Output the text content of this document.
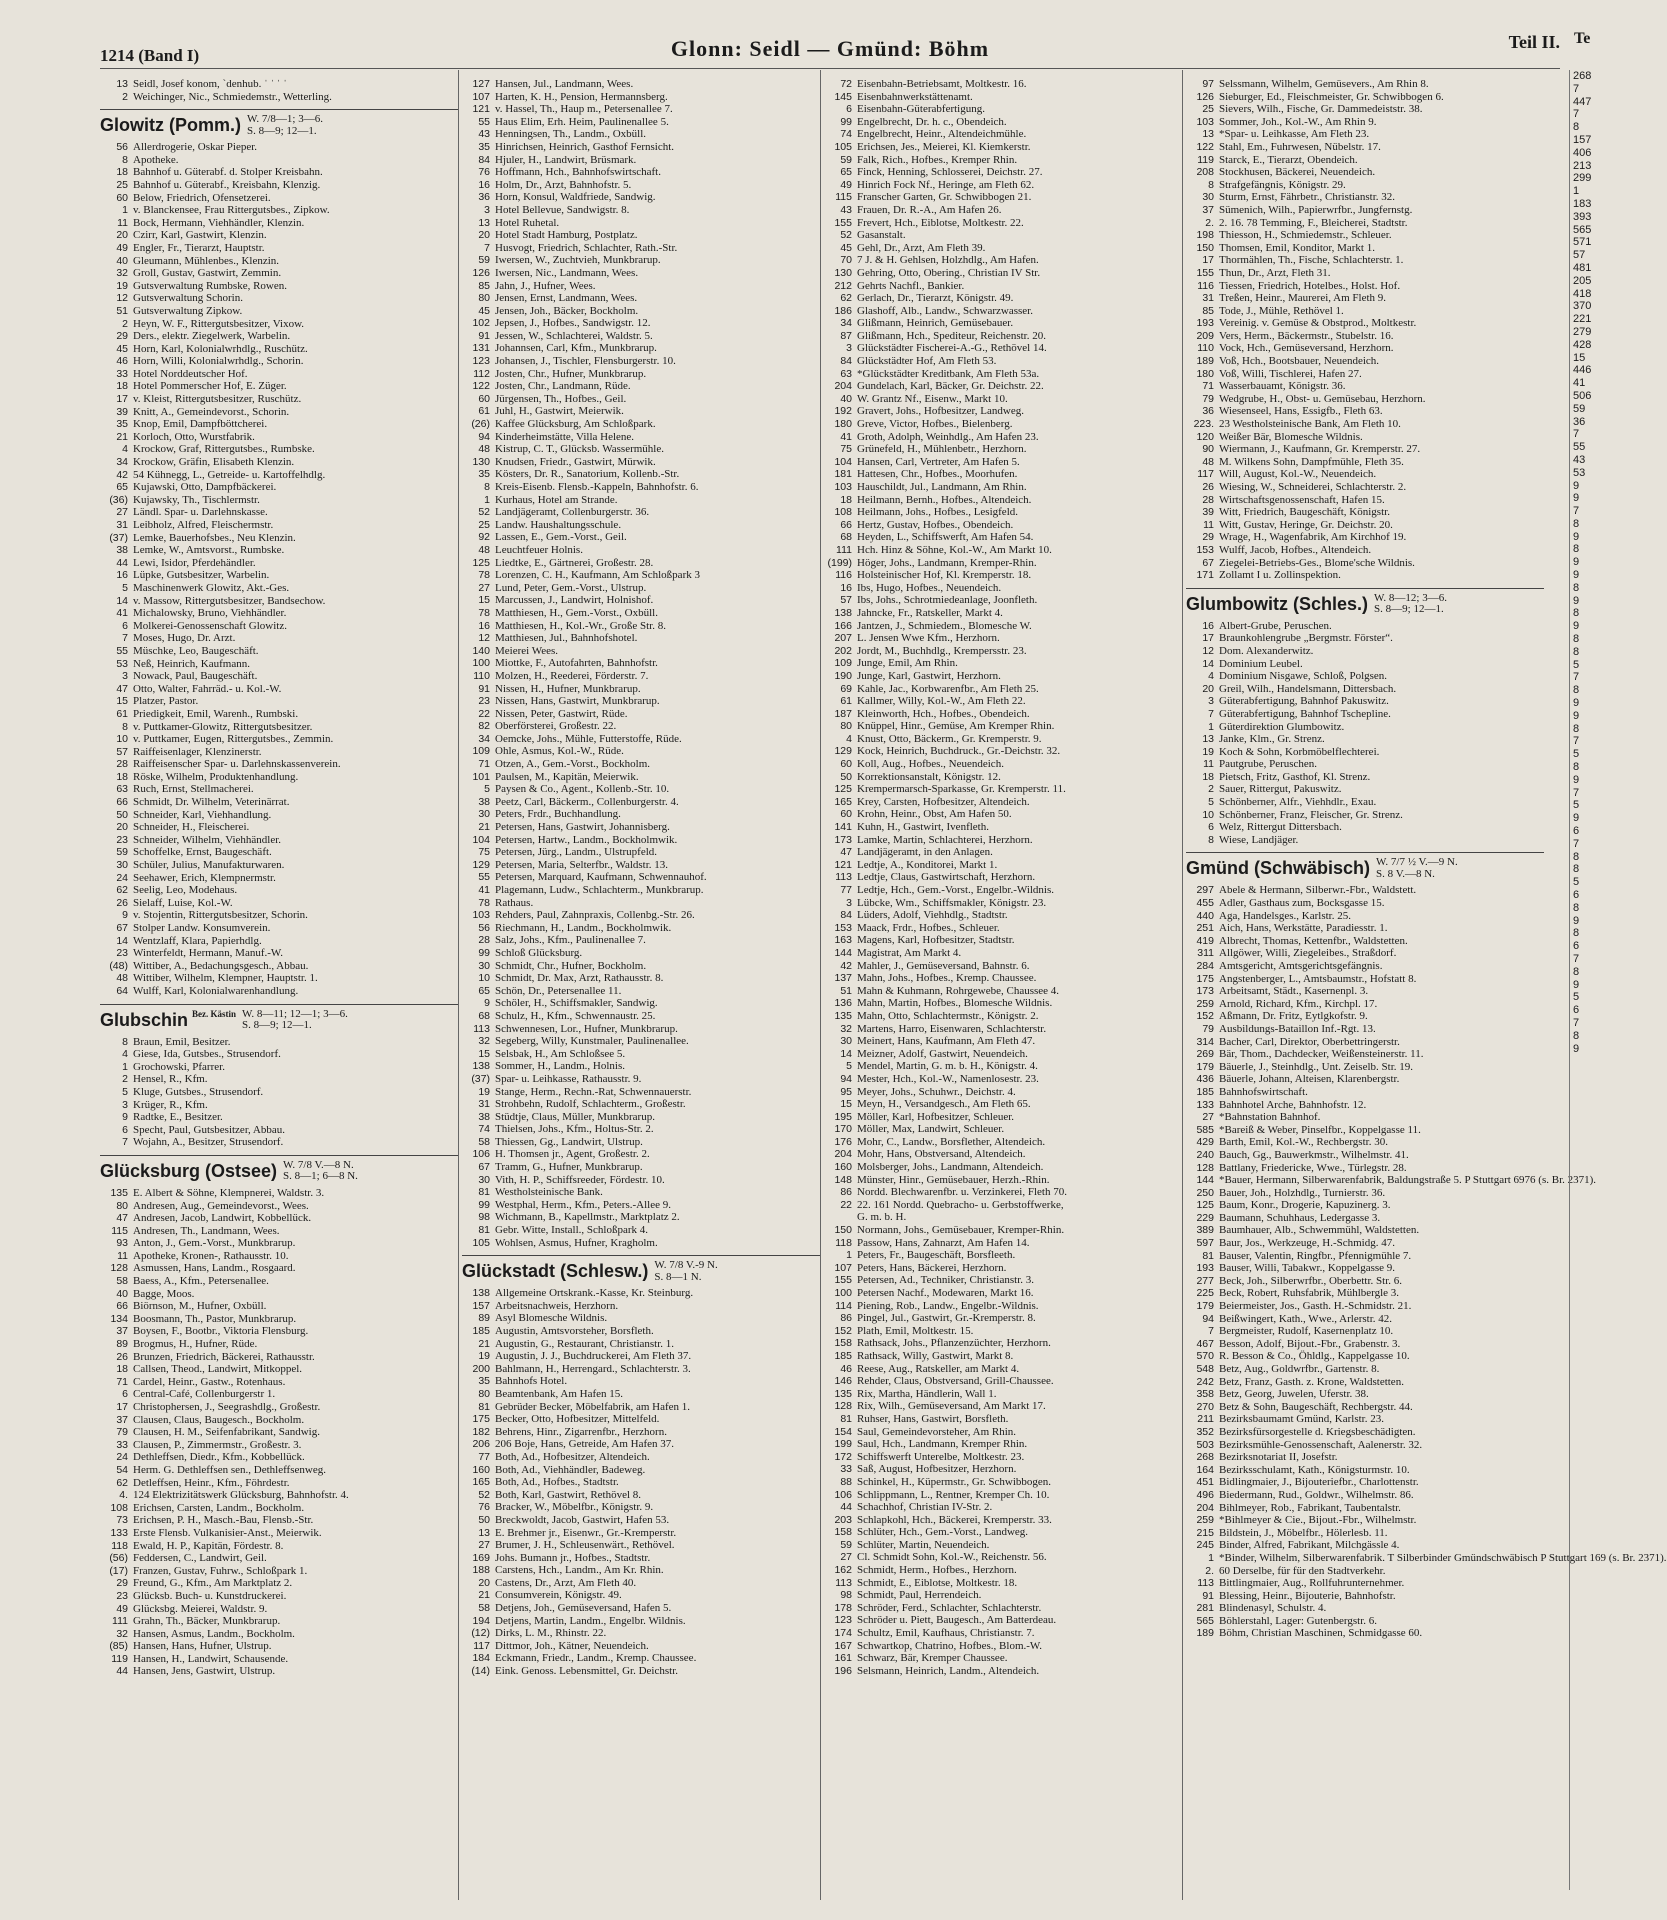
1214 (Band I)	Glonn: Seidl — Gmünd: Böhm	Teil II.
13 Seidl, Josef konom, `denhub. ˈ ˈ ˈ ˈ
2 Weichinger, Nic., Schmiedemstr., Wetterling.
Glowitz (Pomm.) W. 7/8—1; 3—6.
S. 8—9; 12—1.
56 Allerdrogerie, Oskar Pieper.
8 Apotheke.
18 Bahnhof u. Güterabf. d. Stolper Kreisbahn.
25 Bahnhof u. Güterabf., Kreisbahn, Klenzig.
60 Below, Friedrich, Ofensetzerei.
1 v. Blanckensee, Frau Rittergutsbes., Zipkow.
11 Bock, Hermann, Viehhändler, Klenzin.
20 Czirr, Karl, Gastwirt, Klenzin.
49 Engler, Fr., Tierarzt, Hauptstr.
40 Gleumann, Mühlenbes., Klenzin.
32 Groll, Gustav, Gastwirt, Zemmin.
19 Gutsverwaltung Rumbske, Rowen.
12 Gutsverwaltung Schorin.
51 Gutsverwaltung Zipkow.
2 Heyn, W. F., Rittergutsbesitzer, Vixow.
29 Ders., elektr. Ziegelwerk, Warbelin.
45 Horn, Karl, Kolonialwrhdlg., Ruschütz.
46 Horn, Willi, Kolonialwrhdlg., Schorin.
33 Hotel Norddeutscher Hof.
18 Hotel Pommerscher Hof, E. Züger.
17 v. Kleist, Rittergutsbesitzer, Ruschütz.
39 Knitt, A., Gemeindevorst., Schorin.
35 Knop, Emil, Dampfböttcherei.
21 Korloch, Otto, Wurstfabrik.
4 Krockow, Graf, Rittergutsbes., Rumbske.
34 Krockow, Gräfin, Elisabeth Klenzin.
42 54 Kühnegg, L., Getreide- u. Kartoffelhdlg.
65 Kujawski, Otto, Dampfbäckerei.
(36) Kujawsky, Th., Tischlermstr.
27 Ländl. Spar- u. Darlehnskasse.
31 Leibholz, Alfred, Fleischermstr.
(37) Lemke, Bauerhofsbes., Neu Klenzin.
38 Lemke, W., Amtsvorst., Rumbske.
44 Lewi, Isidor, Pferdehändler.
16 Lüpke, Gutsbesitzer, Warbelin.
5 Maschinenwerk Glowitz, Akt.-Ges.
14 v. Massow, Rittergutsbesitzer, Bandsechow.
41 Michalowsky, Bruno, Viehhändler.
6 Molkerei-Genossenschaft Glowitz.
7 Moses, Hugo, Dr. Arzt.
55 Müschke, Leo, Baugeschäft.
53 Neß, Heinrich, Kaufmann.
3 Nowack, Paul, Baugeschäft.
47 Otto, Walter, Fahrräd.- u. Kol.-W.
15 Platzer, Pastor.
61 Priedigkeit, Emil, Warenh., Rumbski.
8 v. Puttkamer-Glowitz, Rittergutsbesitzer.
10 v. Puttkamer, Eugen, Rittergutsbes., Zemmin.
57 Raiffeisenlager, Klenzinerstr.
28 Raiffeisenscher Spar- u. Darlehnskassenverein.
18 Röske, Wilhelm, Produktenhandlung.
63 Ruch, Ernst, Stellmacherei.
66 Schmidt, Dr. Wilhelm, Veterinärrat.
50 Schneider, Karl, Viehhandlung.
20 Schneider, H., Fleischerei.
23 Schneider, Wilhelm, Viehhändler.
59 Schoffelke, Ernst, Baugeschäft.
30 Schüler, Julius, Manufakturwaren.
24 Seehawer, Erich, Klempnermstr.
62 Seelig, Leo, Modehaus.
26 Sielaff, Luise, Kol.-W.
9 v. Stojentin, Rittergutsbesitzer, Schorin.
67 Stolper Landw. Konsumverein.
14 Wentzlaff, Klara, Papierhdlg.
23 Winterfeldt, Hermann, Manuf.-W.
(48) Wittiber, A., Bedachungsgesch., Abbau.
48 Wittiber, Wilhelm, Klempner, Hauptstr. 1.
64 Wulff, Karl, Kolonialwarenhandlung.
Glubschin Bez. Kästin W. 8—11; 12—1; 3—6.
S. 8—9; 12—1.
8 Braun, Emil, Besitzer.
4 Giese, Ida, Gutsbes., Strusendorf.
1 Grochowski, Pfarrer.
2 Hensel, R., Kfm.
5 Kluge, Gutsbes., Strusendorf.
3 Krüger, R., Kfm.
9 Radtke, E., Besitzer.
6 Specht, Paul, Gutsbesitzer, Abbau.
7 Wojahn, A., Besitzer, Strusendorf.
Glücksburg (Ostsee) W. 7/8 V.—8 N.
S. 8—1; 6—8 N.
135 E. Albert & Söhne, Klempnerei, Waldstr. 3.
80 Andresen, Aug., Gemeindevorst., Wees.
47 Andresen, Jacob, Landwirt, Kobbellück.
115 Andresen, Th., Landmann, Wees.
93 Anton, J., Gem.-Vorst., Munkbrarup.
11 Apotheke, Kronen-, Rathausstr. 10.
128 Asmussen, Hans, Landm., Rosgaard.
58 Baess, A., Kfm., Petersenallee.
40 Bagge, Moos.
66 Biörnson, M., Hufner, Oxbüll.
134 Boosmann, Th., Pastor, Munkbrarup.
37 Boysen, F., Bootbr., Viktoria Flensburg.
89 Brogmus, H., Hufner, Rüde.
26 Brunzen, Friedrich, Bäckerei, Rathausstr.
18 Callsen, Theod., Landwirt, Mitkoppel.
71 Cardel, Heinr., Gastw., Rotenhaus.
6 Central-Café, Collenburgerstr 1.
17 Christophersen, J., Seegrashdlg., Großestr.
37 Clausen, Claus, Baugesch., Bockholm.
79 Clausen, H. M., Seifenfabrikant, Sandwig.
33 Clausen, P., Zimmermstr., Großestr. 3.
24 Dethleffsen, Diedr., Kfm., Kobbellück.
54 Herm. G. Dethleffsen sen., Dethleffsenweg.
62 Detleffsen, Heinr., Kfm., Föhrdestr.
4. 124 Elektrizitätswerk Glücksburg, Bahnhofstr. 4.
108 Erichsen, Carsten, Landm., Bockholm.
73 Erichsen, P. H., Masch.-Bau, Flensb.-Str.
133 Erste Flensb. Vulkanisier-Anst., Meierwik.
118 Ewald, H. P., Kapitän, Fördestr. 8.
(56) Feddersen, C., Landwirt, Geil.
(17) Franzen, Gustav, Fuhrw., Schloßpark 1.
29 Freund, G., Kfm., Am Marktplatz 2.
23 Glücksb. Buch- u. Kunstdruckerei.
49 Glücksbg. Meierei, Waldstr. 9.
111 Grahn, Th., Bäcker, Munkbrarup.
32 Hansen, Asmus, Landm., Bockholm.
(85) Hansen, Hans, Hufner, Ulstrup.
119 Hansen, H., Landwirt, Schausende.
44 Hansen, Jens, Gastwirt, Ulstrup.
127 Hansen, Jul., Landmann, Wees.
107 Harten, K. H., Pension, Hermannsberg.
121 v. Hassel, Th., Haup m., Petersenallee 7.
55 Haus Elim, Erh. Heim, Paulinenallee 5.
43 Henningsen, Th., Landm., Oxbüll.
35 Hinrichsen, Heinrich, Gasthof Fernsicht.
84 Hjuler, H., Landwirt, Brüsmark.
76 Hoffmann, Hch., Bahnhofswirtschaft.
16 Holm, Dr., Arzt, Bahnhofstr. 5.
36 Horn, Konsul, Waldfriede, Sandwig.
3 Hotel Bellevue, Sandwigstr. 8.
13 Hotel Ruhetal.
20 Hotel Stadt Hamburg, Postplatz.
7 Husvogt, Friedrich, Schlachter, Rath.-Str.
59 Iwersen, W., Zuchtvieh, Munkbrarup.
126 Iwersen, Nic., Landmann, Wees.
85 Jahn, J., Hufner, Wees.
80 Jensen, Ernst, Landmann, Wees.
45 Jensen, Joh., Bäcker, Bockholm.
102 Jepsen, J., Hofbes., Sandwigstr. 12.
91 Jessen, W., Schlachterei, Waldstr. 5.
131 Johannsen, Carl, Kfm., Munkbrarup.
123 Johansen, J., Tischler, Flensburgerstr. 10.
112 Josten, Chr., Hufner, Munkbrarup.
122 Josten, Chr., Landmann, Rüde.
60 Jürgensen, Th., Hofbes., Geil.
61 Juhl, H., Gastwirt, Meierwik.
(26) Kaffee Glücksburg, Am Schloßpark.
94 Kinderheimstätte, Villa Helene.
48 Kistrup, C. T., Glücksb. Wassermühle.
130 Knudsen, Friedr., Gastwirt, Mürwik.
35 Kösters, Dr. R., Sanatorium, Kollenb.-Str.
8 Kreis-Eisenb. Flensb.-Kappeln, Bahnhofstr. 6.
1 Kurhaus, Hotel am Strande.
52 Landjägeramt, Collenburgerstr. 36.
25 Landw. Haushaltungsschule.
92 Lassen, E., Gem.-Vorst., Geil.
48 Leuchtfeuer Holnis.
125 Liedtke, E., Gärtnerei, Großestr. 28.
78 Lorenzen, C. H., Kaufmann, Am Schloßpark 3
27 Lund, Peter, Gem.-Vorst., Ulstrup.
15 Marcussen, J., Landwirt, Holnishof.
78 Matthiesen, H., Gem.-Vorst., Oxbüll.
16 Matthiesen, H., Kol.-Wr., Große Str. 8.
12 Matthiesen, Jul., Bahnhofshotel.
140 Meierei Wees.
100 Miottke, F., Autofahrten, Bahnhofstr.
110 Molzen, H., Reederei, Förderstr. 7.
91 Nissen, H., Hufner, Munkbrarup.
23 Nissen, Hans, Gastwirt, Munkbrarup.
22 Nissen, Peter, Gastwirt, Rüde.
82 Oberförsterei, Großestr. 22.
34 Oemcke, Johs., Mühle, Futterstoffe, Rüde.
109 Ohle, Asmus, Kol.-W., Rüde.
71 Otzen, A., Gem.-Vorst., Bockholm.
101 Paulsen, M., Kapitän, Meierwik.
5 Paysen & Co., Agent., Kollenb.-Str. 10.
38 Peetz, Carl, Bäckerm., Collenburgerstr. 4.
30 Peters, Frdr., Buchhandlung.
21 Petersen, Hans, Gastwirt, Johannisberg.
104 Petersen, Hartw., Landm., Bockholmwik.
75 Petersen, Jürg., Landm., Ulstrupfeld.
129 Petersen, Maria, Selterfbr., Waldstr. 13.
55 Petersen, Marquard, Kaufmann, Schwennauhof.
41 Plagemann, Ludw., Schlachterm., Munkbrarup.
78 Rathaus.
103 Rehders, Paul, Zahnpraxis, Collenbg.-Str. 26.
56 Riechmann, H., Landm., Bockholmwik.
28 Salz, Johs., Kfm., Paulinenallee 7.
99 Schloß Glücksburg.
30 Schmidt, Chr., Hufner, Bockholm.
10 Schmidt, Dr. Max, Arzt, Rathausstr. 8.
65 Schön, Dr., Petersenallee 11.
9 Schöler, H., Schiffsmakler, Sandwig.
68 Schulz, H., Kfm., Schwennaustr. 25.
113 Schwennesen, Lor., Hufner, Munkbrarup.
32 Segeberg, Willy, Kunstmaler, Paulinenallee.
15 Selsbak, H., Am Schloßsee 5.
138 Sommer, H., Landm., Holnis.
(37) Spar- u. Leihkasse, Rathausstr. 9.
19 Stange, Herm., Rechn.-Rat, Schwennauerstr.
31 Strohbehn, Rudolf, Schlachterm., Großestr.
38 Stüdtje, Claus, Müller, Munkbrarup.
74 Thielsen, Johs., Kfm., Holtus-Str. 2.
58 Thiessen, Gg., Landwirt, Ulstrup.
106 H. Thomsen jr., Agent, Großestr. 2.
67 Tramm, G., Hufner, Munkbrarup.
30 Vith, H. P., Schiffsreeder, Fördestr. 10.
81 Westholsteinische Bank.
99 Westphal, Herm., Kfm., Peters.-Allee 9.
98 Wichmann, B., Kapellmstr., Marktplatz 2.
81 Gebr. Witte, Install., Schloßpark 4.
105 Wohlsen, Asmus, Hufner, Kragholm.
Glückstadt (Schlesw.) W. 7/8 V.-9 N.
S. 8—1 N.
138 Allgemeine Ortskrank.-Kasse, Kr. Steinburg.
157 Arbeitsnachweis, Herzhorn.
89 Asyl Blomesche Wildnis.
185 Augustin, Amtsvorsteher, Borsfleth.
21 Augustin, G., Restaurant, Christianstr. 1.
19 Augustin, J. J., Buchdruckerei, Am Fleth 37.
200 Bahlmann, H., Herrengard., Schlachterstr. 3.
35 Bahnhofs Hotel.
80 Beamtenbank, Am Hafen 15.
81 Gebrüder Becker, Möbelfabrik, am Hafen 1.
175 Becker, Otto, Hofbesitzer, Mittelfeld.
182 Behrens, Hinr., Zigarrenfbr., Herzhorn.
206 206 Boje, Hans, Getreide, Am Hafen 37.
77 Both, Ad., Hofbesitzer, Altendeich.
160 Both, Ad., Viehhändler, Badeweg.
165 Both, Ad., Hofbes., Stadtstr.
52 Both, Karl, Gastwirt, Rethövel 8.
76 Bracker, W., Möbelfbr., Königstr. 9.
50 Breckwoldt, Jacob, Gastwirt, Hafen 53.
13 E. Brehmer jr., Eisenwr., Gr.-Kremperstr.
27 Brumer, J. H., Schleusenwärt., Rethövel.
169 Johs. Bumann jr., Hofbes., Stadtstr.
188 Carstens, Hch., Landm., Am Kr. Rhin.
20 Castens, Dr., Arzt, Am Fleth 40.
21 Consumverein, Königstr. 49.
58 Detjens, Joh., Gemüseversand, Hafen 5.
194 Detjens, Martin, Landm., Engelbr. Wildnis.
(12) Dirks, L. M., Rhinstr. 22.
117 Dittmor, Joh., Kätner, Neuendeich.
184 Eckmann, Friedr., Landm., Kremp. Chaussee.
(14) Eink. Genoss. Lebensmittel, Gr. Deichstr.
72 Eisenbahn-Betriebsamt, Moltkestr. 16.
145 Eisenbahnwerkstättenamt.
6 Eisenbahn-Güterabfertigung.
99 Engelbrecht, Dr. h. c., Obendeich.
74 Engelbrecht, Heinr., Altendeichmühle.
105 Erichsen, Jes., Meierei, Kl. Kiemkerstr.
59 Falk, Rich., Hofbes., Kremper Rhin.
65 Finck, Henning, Schlosserei, Deichstr. 27.
49 Hinrich Fock Nf., Heringe, am Fleth 62.
115 Franscher Garten, Gr. Schwibbogen 21.
43 Frauen, Dr. R.-A., Am Hafen 26.
155 Frevert, Hch., Eiblotse, Moltkestr. 22.
52 Gasanstalt.
45 Gehl, Dr., Arzt, Am Fleth 39.
70 7 J. & H. Gehlsen, Holzhdlg., Am Hafen.
130 Gehring, Otto, Obering., Christian IV Str.
212 Gehrts Nachfl., Bankier.
62 Gerlach, Dr., Tierarzt, Königstr. 49.
186 Glashoff, Alb., Landw., Schwarzwasser.
34 Glißmann, Heinrich, Gemüsebauer.
87 Glißmann, Hch., Spediteur, Reichenstr. 20.
3 Glückstädter Fischerei-A.-G., Rethövel 14.
84 Glückstädter Hof, Am Fleth 53.
63 *Glückstädter Kreditbank, Am Fleth 53a.
204 Gundelach, Karl, Bäcker, Gr. Deichstr. 22.
40 W. Grantz Nf., Eisenw., Markt 10.
192 Gravert, Johs., Hofbesitzer, Landweg.
180 Greve, Victor, Hofbes., Bielenberg.
41 Groth, Adolph, Weinhdlg., Am Hafen 23.
75 Grünefeld, H., Mühlenbetr., Herzhorn.
104 Hansen, Carl, Vertreter, Am Hafen 5.
181 Hattesen, Chr., Hofbes., Moorhufen.
103 Hauschildt, Jul., Landmann, Am Rhin.
18 Heilmann, Bernh., Hofbes., Altendeich.
108 Heilmann, Johs., Hofbes., Lesigfeld.
66 Hertz, Gustav, Hofbes., Obendeich.
68 Heyden, L., Schiffswerft, Am Hafen 54.
111 Hch. Hinz & Söhne, Kol.-W., Am Markt 10.
(199) Höger, Johs., Landmann, Kremper-Rhin.
116 Holsteinischer Hof, Kl. Kremperstr. 18.
16 Ibs, Hugo, Hofbes., Neuendeich.
57 Ibs, Johs., Schrotmiedeanlage, Joonfleth.
138 Jahncke, Fr., Ratskeller, Markt 4.
166 Jantzen, J., Schmiedem., Blomesche W.
207 L. Jensen Wwe Kfm., Herzhorn.
202 Jordt, M., Buchhdlg., Krempersstr. 23.
109 Junge, Emil, Am Rhin.
190 Junge, Karl, Gastwirt, Herzhorn.
69 Kahle, Jac., Korbwarenfbr., Am Fleth 25.
61 Kallmer, Willy, Kol.-W., Am Fleth 22.
187 Kleinworth, Hch., Hofbes., Obendeich.
80 Knüppel, Hinr., Gemüse, Am Kremper Rhin.
4 Knust, Otto, Bäckerm., Gr. Kremperstr. 9.
129 Kock, Heinrich, Buchdruck., Gr.-Deichstr. 32.
60 Koll, Aug., Hofbes., Neuendeich.
50 Korrektionsanstalt, Königstr. 12.
125 Krempermarsch-Sparkasse, Gr. Kremperstr. 11.
165 Krey, Carsten, Hofbesitzer, Altendeich.
60 Krohn, Heinr., Obst, Am Hafen 50.
141 Kuhn, H., Gastwirt, Ivenfleth.
173 Lamke, Martin, Schlachterei, Herzhorn.
47 Landjägeramt, in den Anlagen.
121 Ledtje, A., Konditorei, Markt 1.
113 Ledtje, Claus, Gastwirtschaft, Herzhorn.
77 Ledtje, Hch., Gem.-Vorst., Engelbr.-Wildnis.
3 Lübcke, Wm., Schiffsmakler, Königstr. 23.
84 Lüders, Adolf, Viehhdlg., Stadtstr.
153 Maack, Frdr., Hofbes., Schleuer.
163 Magens, Karl, Hofbesitzer, Stadtstr.
144 Magistrat, Am Markt 4.
42 Mahler, J., Gemüseversand, Bahnstr. 6.
137 Mahn, Johs., Hofbes., Kremp. Chaussee.
51 Mahn & Kuhmann, Rohrgewebe, Chaussee 4.
136 Mahn, Martin, Hofbes., Blomesche Wildnis.
135 Mahn, Otto, Schlachtermstr., Königstr. 2.
32 Martens, Harro, Eisenwaren, Schlachterstr.
30 Meinert, Hans, Kaufmann, Am Fleth 47.
14 Meizner, Adolf, Gastwirt, Neuendeich.
5 Mendel, Martin, G. m. b. H., Königstr. 4.
94 Mester, Hch., Kol.-W., Namenlosestr. 23.
95 Meyer, Johs., Schuhwr., Deichstr. 4.
15 Meyn, H., Versandgesch., Am Fleth 65.
195 Möller, Karl, Hofbesitzer, Schleuer.
170 Möller, Max, Landwirt, Schleuer.
176 Mohr, C., Landw., Borsflether, Altendeich.
204 Mohr, Hans, Obstversand, Altendeich.
160 Molsberger, Johs., Landmann, Altendeich.
148 Münster, Hinr., Gemüsebauer, Herzh.-Rhin.
86 Nordd. Blechwarenfbr. u. Verzinkerei, Fleth 70.
22 22. 161 Nordd. Quebracho- u. Gerbstoffwerke,
G. m. b. H.
150 Normann, Johs., Gemüsebauer, Kremper-Rhin.
118 Passow, Hans, Zahnarzt, Am Hafen 14.
1 Peters, Fr., Baugeschäft, Borsfleeth.
107 Peters, Hans, Bäckerei, Herzhorn.
155 Petersen, Ad., Techniker, Christianstr. 3.
100 Petersen Nachf., Modewaren, Markt 16.
114 Piening, Rob., Landw., Engelbr.-Wildnis.
86 Pingel, Jul., Gastwirt, Gr.-Kremperstr. 8.
152 Plath, Emil, Moltkestr. 15.
158 Rathsack, Johs., Pflanzenzüchter, Herzhorn.
185 Rathsack, Willy, Gastwirt, Markt 8.
46 Reese, Aug., Ratskeller, am Markt 4.
146 Rehder, Claus, Obstversand, Grill-Chaussee.
135 Rix, Martha, Händlerin, Wall 1.
128 Rix, Wilh., Gemüseversand, Am Markt 17.
81 Ruhser, Hans, Gastwirt, Borsfleth.
154 Saul, Gemeindevorsteher, Am Rhin.
199 Saul, Hch., Landmann, Kremper Rhin.
172 Schiffswerft Unterelbe, Moltkestr. 23.
33 Saß, August, Hofbesitzer, Herzhorn.
88 Schinkel, H., Küpermstr., Gr. Schwibbogen.
106 Schlippmann, L., Rentner, Kremper Ch. 10.
44 Schachhof, Christian IV-Str. 2.
203 Schlapkohl, Hch., Bäckerei, Kremperstr. 33.
158 Schlüter, Hch., Gem.-Vorst., Landweg.
59 Schlüter, Martin, Neuendeich.
27 Cl. Schmidt Sohn, Kol.-W., Reichenstr. 56.
162 Schmidt, Herm., Hofbes., Herzhorn.
113 Schmidt, E., Eiblotse, Moltkestr. 18.
98 Schmidt, Paul, Herrendeich.
178 Schröder, Ferd., Schlachter, Schlachterstr.
123 Schröder u. Piett, Baugesch., Am Batterdeau.
174 Schultz, Emil, Kaufhaus, Christianstr. 7.
167 Schwartkop, Chatrino, Hofbes., Blom.-W.
161 Schwarz, Bär, Kremper Chaussee.
196 Selsmann, Heinrich, Landm., Altendeich.
97 Selssmann, Wilhelm, Gemüsevers., Am Rhin 8.
126 Sieburger, Ed., Fleischmeister, Gr. Schwibbogen 6.
25 Sievers, Wilh., Fische, Gr. Dammedeiststr. 38.
103 Sommer, Joh., Kol.-W., Am Rhin 9.
13 *Spar- u. Leihkasse, Am Fleth 23.
122 Stahl, Em., Fuhrwesen, Nübelstr. 17.
119 Starck, E., Tierarzt, Obendeich.
208 Stockhusen, Bäckerei, Neuendeich.
8 Strafgefängnis, Königstr. 29.
30 Sturm, Ernst, Fährbetr., Christianstr. 32.
37 Sümenich, Wilh., Papierwrfbr., Jungfernstg.
2. 2. 16. 78 Temming, F., Bleicherei, Stadtstr.
198 Thiesson, H., Schmiedemstr., Schleuer.
150 Thomsen, Emil, Konditor, Markt 1.
17 Thormählen, Th., Fische, Schlachterstr. 1.
155 Thun, Dr., Arzt, Fleth 31.
116 Tiessen, Friedrich, Hotelbes., Holst. Hof.
31 Treßen, Heinr., Maurerei, Am Fleth 9.
85 Tode, J., Mühle, Rethövel 1.
193 Vereinig. v. Gemüse & Obstprod., Moltkestr.
209 Vers, Herm., Bäckermstr., Stubelstr. 16.
110 Vock, Hch., Gemüseversand, Herzhorn.
189 Voß, Hch., Bootsbauer, Neuendeich.
180 Voß, Willi, Tischlerei, Hafen 27.
71 Wasserbauamt, Königstr. 36.
79 Wedgrube, H., Obst- u. Gemüsebau, Herzhorn.
36 Wiesenseel, Hans, Essigfb., Fleth 63.
223. 23 Westholsteinische Bank, Am Fleth 10.
120 Weißer Bär, Blomesche Wildnis.
90 Wiermann, J., Kaufmann, Gr. Kremperstr. 27.
48 M. Wilkens Sohn, Dampfmühle, Fleth 35.
117 Will, August, Kol.-W., Neuendeich.
26 Wiesing, W., Schneiderei, Schlachterstr. 2.
28 Wirtschaftsgenossenschaft, Hafen 15.
39 Witt, Friedrich, Baugeschäft, Königstr.
11 Witt, Gustav, Heringe, Gr. Deichstr. 20.
29 Wrage, H., Wagenfabrik, Am Kirchhof 19.
153 Wulff, Jacob, Hofbes., Altendeich.
67 Ziegelei-Betriebs-Ges., Blome'sche Wildnis.
171 Zollamt I u. Zollinspektion.
Glumbowitz (Schles.) W. 8—12; 3—6.
S. 8—9; 12—1.
16 Albert-Grube, Peruschen.
17 Braunkohlengrube „Bergmstr. Förster“.
12 Dom. Alexanderwitz.
14 Dominium Leubel.
4 Dominium Nisgawe, Schloß, Polgsen.
20 Greil, Wilh., Handelsmann, Dittersbach.
3 Güterabfertigung, Bahnhof Pakuswitz.
7 Güterabfertigung, Bahnhof Tschepline.
1 Güterdirektion Glumbowitz.
13 Janke, Klm., Gr. Strenz.
19 Koch & Sohn, Korbmöbelflechterei.
11 Pautgrube, Peruschen.
18 Pietsch, Fritz, Gasthof, Kl. Strenz.
2 Sauer, Rittergut, Pakuswitz.
5 Schönberner, Alfr., Viehhdlr., Exau.
10 Schönberner, Franz, Fleischer, Gr. Strenz.
6 Welz, Rittergut Dittersbach.
8 Wiese, Landjäger.
Gmünd (Schwäbisch) W. 7/7 ½ V.—9 N.
S. 8 V.—8 N.
297 Abele & Hermann, Silberwr.-Fbr., Waldstett.
455 Adler, Gasthaus zum, Bocksgasse 15.
440 Aga, Handelsges., Karlstr. 25.
251 Aich, Hans, Werkstätte, Paradiesstr. 1.
419 Albrecht, Thomas, Kettenfbr., Waldstetten.
311 Allgöwer, Willi, Ziegeleibes., Straßdorf.
284 Amtsgericht, Amtsgerichtsgefängnis.
175 Angstenberger, L., Amtsbaumstr., Hofstatt 8.
173 Arbeitsamt, Städt., Kasernenpl. 3.
259 Arnold, Richard, Kfm., Kirchpl. 17.
152 Aßmann, Dr. Fritz, Eytlgkofstr. 9.
79 Ausbildungs-Bataillon Inf.-Rgt. 13.
314 Bacher, Carl, Direktor, Oberbettringerstr.
269 Bär, Thom., Dachdecker, Weißensteinerstr. 11.
179 Bäuerle, J., Steinhdlg., Unt. Zeiselb. Str. 19.
436 Bäuerle, Johann, Alteisen, Klarenbergstr.
185 Bahnhofswirtschaft.
133 Bahnhotel Arche, Bahnhofstr. 12.
27 *Bahnstation Bahnhof.
585 *Bareiß & Weber, Pinselfbr., Koppelgasse 11.
429 Barth, Emil, Kol.-W., Rechbergstr. 30.
240 Bauch, Gg., Bauwerkmstr., Wilhelmstr. 41.
128 Battlany, Friedericke, Wwe., Türlegstr. 28.
144 *Bauer, Hermann, Silberwarenfabrik, Baldungstraße 5. P Stuttgart 6976 (s. Br. 2371).
250 Bauer, Joh., Holzhdlg., Turnierstr. 36.
125 Baum, Konr., Drogerie, Kapuzinerg. 3.
229 Baumann, Schuhhaus, Ledergasse 3.
389 Baumhauer, Alb., Schwemmühl, Waldstetten.
597 Baur, Jos., Werkzeuge, H.-Schmidg. 47.
81 Bauser, Valentin, Ringfbr., Pfennigmühle 7.
193 Bauser, Willi, Tabakwr., Koppelgasse 9.
277 Beck, Joh., Silberwrfbr., Oberbettr. Str. 6.
225 Beck, Robert, Ruhsfabrik, Mühlbergle 3.
179 Beiermeister, Jos., Gasth. H.-Schmidstr. 21.
94 Beißwingert, Kath., Wwe., Arlerstr. 42.
7 Bergmeister, Rudolf, Kasernenplatz 10.
467 Besson, Adolf, Bijout.-Fbr., Grabenstr. 3.
570 R. Besson & Co., Öhldlg., Kappelgasse 10.
548 Betz, Aug., Goldwrfbr., Gartenstr. 8.
242 Betz, Franz, Gasth. z. Krone, Waldstetten.
358 Betz, Georg, Juwelen, Uferstr. 38.
270 Betz & Sohn, Baugeschäft, Rechbergstr. 44.
211 Bezirksbaumamt Gmünd, Karlstr. 23.
352 Bezirksfürsorgestelle d. Kriegsbeschädigten.
503 Bezirksmühle-Genossenschaft, Aalenerstr. 32.
268 Bezirksnotariat II, Josefstr.
164 Bezirksschulamt, Kath., Königsturmstr. 10.
451 Bidlingmaier, J., Bijouteriefbr., Charlottenstr.
496 Biedermann, Rud., Goldwr., Wilhelmstr. 86.
204 Bihlmeyer, Rob., Fabrikant, Taubentalstr.
259 *Bihlmeyer & Cie., Bijout.-Fbr., Wilhelmstr.
215 Bildstein, J., Möbelfbr., Hölerlesb. 11.
245 Binder, Alfred, Fabrikant, Milchgässle 4.
1 *Binder, Wilhelm, Silberwarenfabrik. T Silberbinder Gmündschwäbisch P Stuttgart 169 (s. Br. 2371).
2. 60 Derselbe, für für den Stadtverkehr.
113 Bittlingmaier, Aug., Rollfuhrunternehmer.
91 Blessing, Heinr., Bijouterie, Bahnhofstr.
281 Blindenasyl, Schulstr. 4.
565 Böhlerstahl, Lager: Gutenbergstr. 6.
189 Böhm, Christian Maschinen, Schmidgasse 60.
Te
268
7
447
7
8
157
406
213
299
1
183
393
565
571
57
481
205
418
370
221
279
428
15
446
41
506
59
36
7
55
43
53
9
9
7
8
9
8
9
9
8
9
8
9
8
8
5
7
8
9
9
8
7
5
8
9
7
5
9
6
7
8
8
5
6
8
9
8
6
7
8
9
5
6
7
8
9
